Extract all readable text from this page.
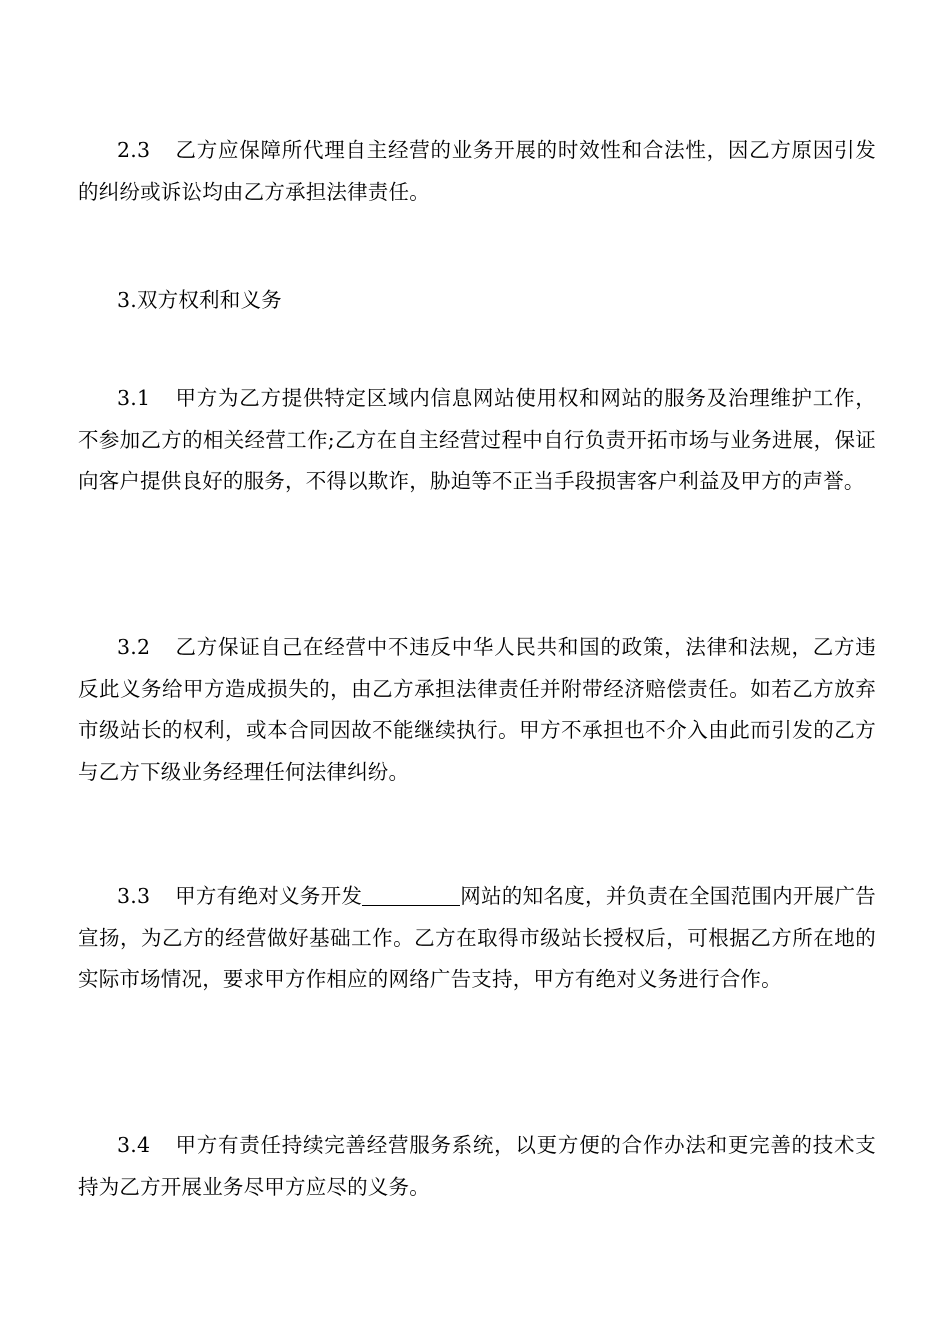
2.3 乙方应保障所代理自主经营的业务开展的时效性和合法性，因乙方原因引发的纠纷或诉讼均由乙方承担法律责任。

3.双方权利和义务

3.1 甲方为乙方提供特定区域内信息网站使用权和网站的服务及治理维护工作，不参加乙方的相关经营工作;乙方在自主经营过程中自行负责开拓市场与业务进展，保证向客户提供良好的服务，不得以欺诈，胁迫等不正当手段损害客户利益及甲方的声誉。

3.2 乙方保证自己在经营中不违反中华人民共和国的政策，法律和法规，乙方违反此义务给甲方造成损失的，由乙方承担法律责任并附带经济赔偿责任。如若乙方放弃市级站长的权利，或本合同因故不能继续执行。甲方不承担也不介入由此而引发的乙方与乙方下级业务经理任何法律纠纷。

3.3 甲方有绝对义务开发	网站的知名度，并负责在全国范围内开展广告宣扬，为乙方的经营做好基础工作。乙方在取得市级站长授权后，可根据乙方所在地的实际市场情况，要求甲方作相应的网络广告支持，甲方有绝对义务进行合作。

3.4 甲方有责任持续完善经营服务系统，以更方便的合作办法和更完善的技术支持为乙方开展业务尽甲方应尽的义务。
